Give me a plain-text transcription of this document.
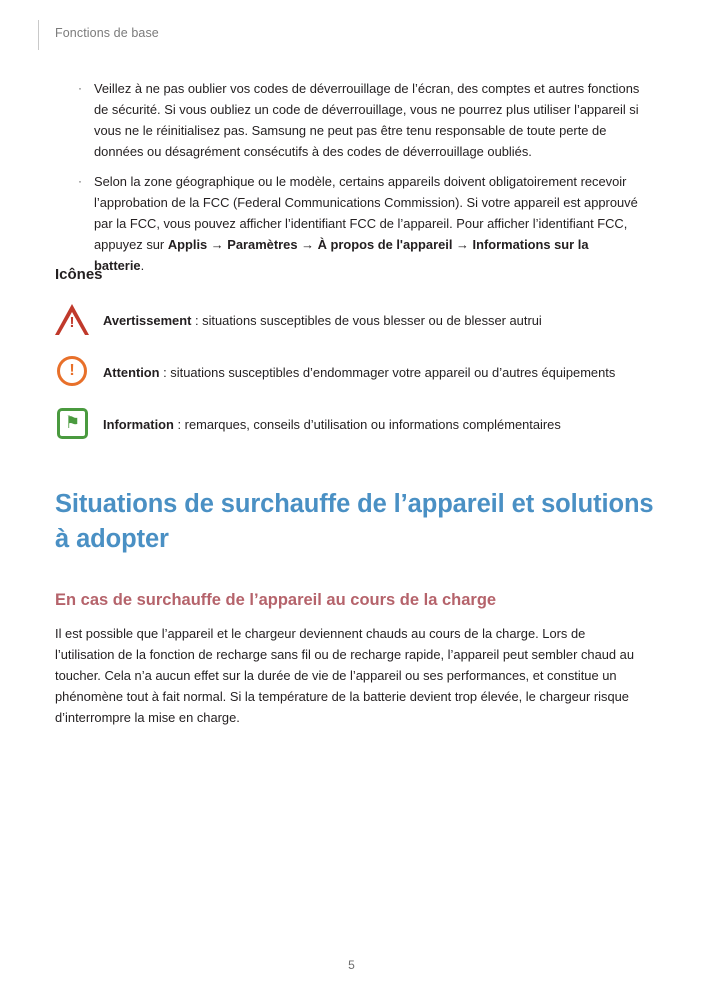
Fonctions de base
· Veillez à ne pas oublier vos codes de déverrouillage de l’écran, des comptes et autres fonctions de sécurité. Si vous oubliez un code de déverrouillage, vous ne pourrez plus utiliser l’appareil si vous ne le réinitialisez pas. Samsung ne peut pas être tenu responsable de toute perte de données ou désagrément consécutifs à des codes de déverrouillage oubliés.
· Selon la zone géographique ou le modèle, certains appareils doivent obligatoirement recevoir l’approbation de la FCC (Federal Communications Commission). Si votre appareil est approuvé par la FCC, vous pouvez afficher l’identifiant FCC de l’appareil. Pour afficher l’identifiant FCC, appuyez sur Applis → Paramètres → À propos de l'appareil → Informations sur la batterie.
Icônes
!	Avertissement : situations susceptibles de vous blesser ou de blesser autrui
!	Attention : situations susceptibles d’endommager votre appareil ou d’autres équipements
⚑	Information : remarques, conseils d’utilisation ou informations complémentaires
Situations de surchauffe de l’appareil et solutions à adopter
En cas de surchauffe de l’appareil au cours de la charge
Il est possible que l’appareil et le chargeur deviennent chauds au cours de la charge. Lors de l’utilisation de la fonction de recharge sans fil ou de recharge rapide, l’appareil peut sembler chaud au toucher. Cela n’a aucun effet sur la durée de vie de l’appareil ou ses performances, et constitue un phénomène tout à fait normal. Si la température de la batterie devient trop élevée, le chargeur risque d’interrompre la mise en charge.
5
